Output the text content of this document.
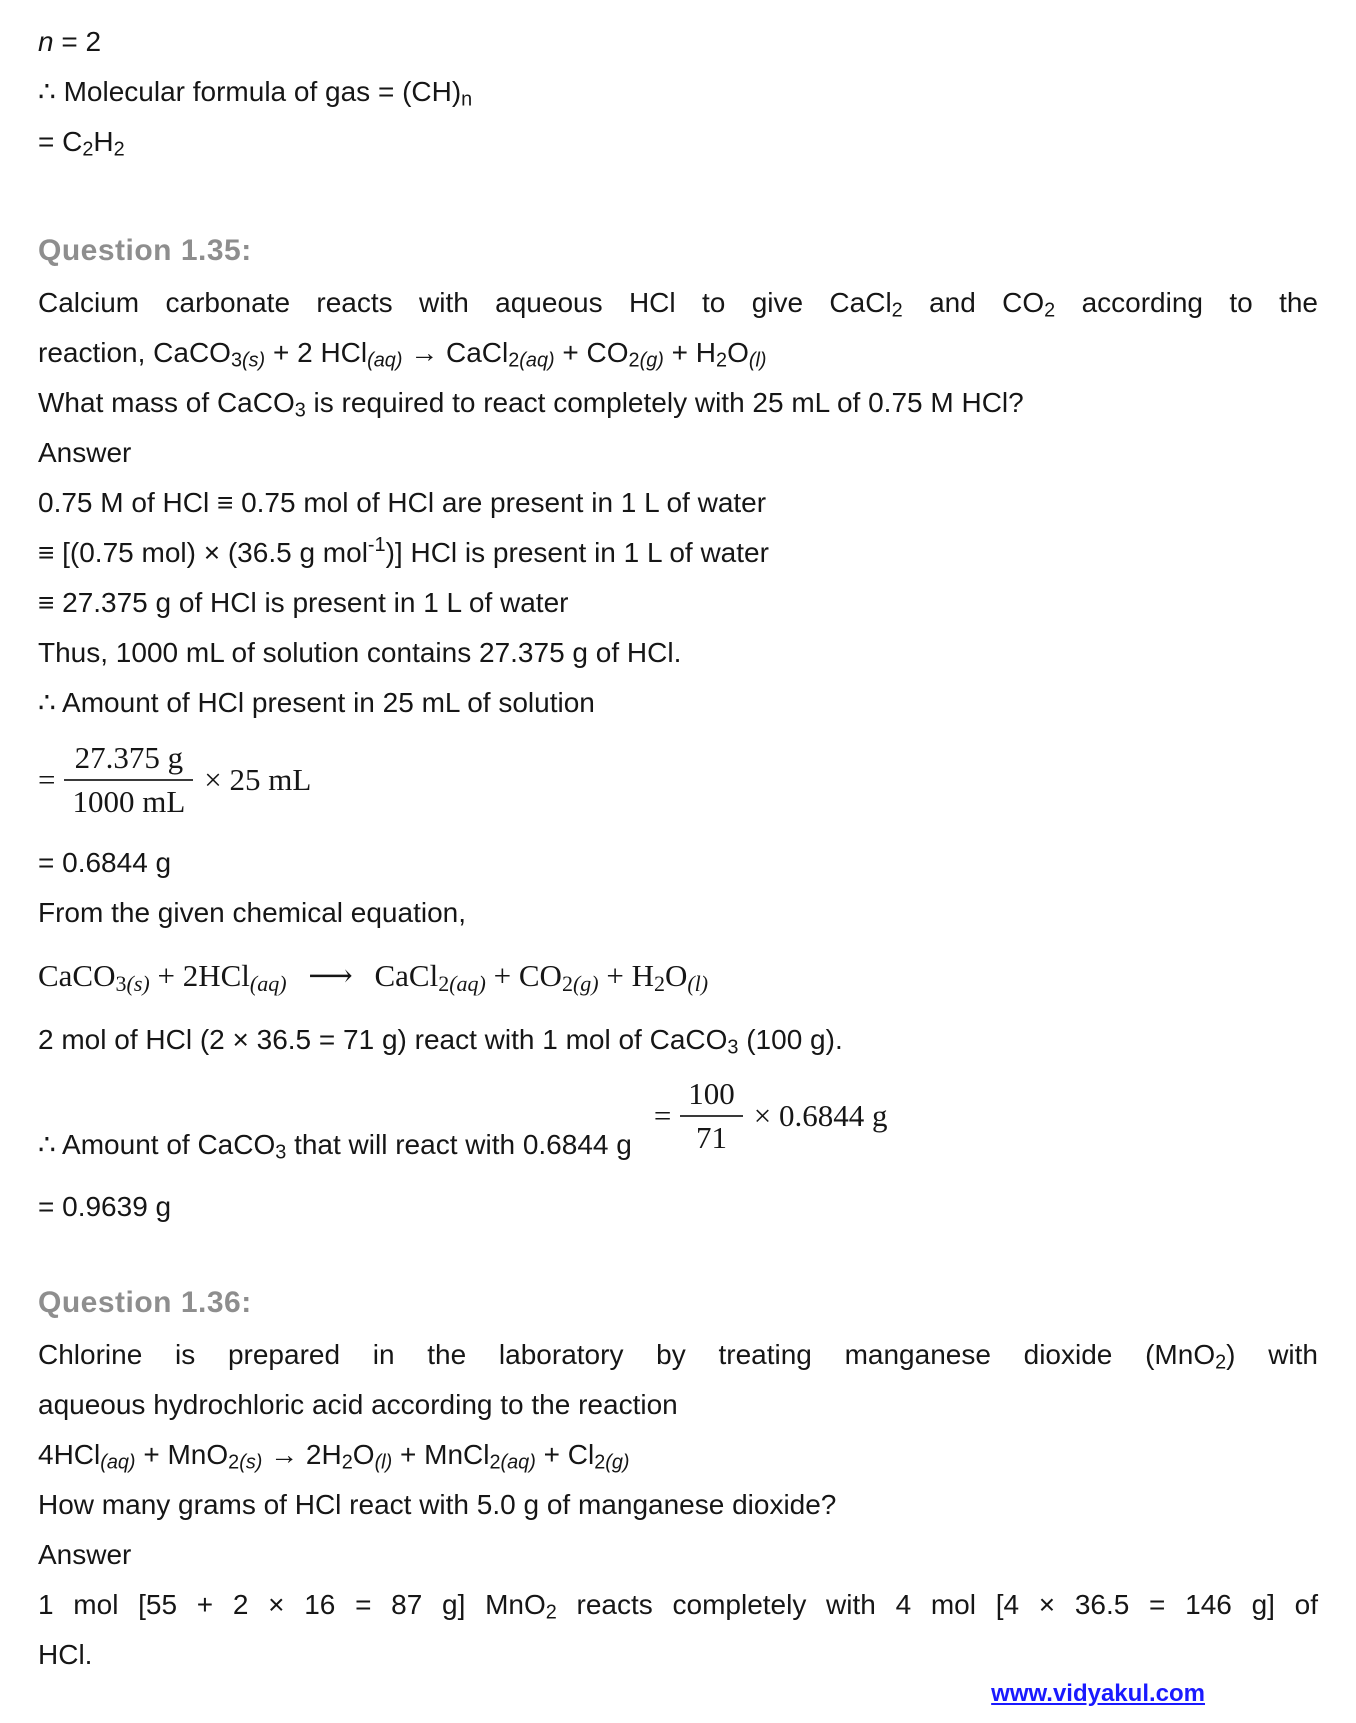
n = 2
∴ Molecular formula of gas = $(CH)_n$
= $C_2H_2$
Question 1.35:
Calcium carbonate reacts with aqueous HCl to give CaCl$_2$ and $CO_2$ according to the
reaction, CaCO$_{3(s)}$ + 2 HCl$_{(aq)}$ → CaCl$_{2(aq)}$ + $CO_{2(g)} + H_2O_{(l)}$
What mass of CaCO$_3$ is required to react completely with 25 mL of 0.75 M HCl?
Answer
0.75 M of HCl ≡ 0.75 mol of HCl are present in 1 L of water
≡ [(0.75 mol) × (36.5 g mol$^{-1}$)] HCl is present in 1 L of water
≡ 27.375 g of HCl is present in 1 L of water
Thus, 1000 mL of solution contains 27.375 g of HCl.
∴ Amount of HCl present in 25 mL of solution
= $\frac{27.375 g}{1000 mL} \times 25$ mL
= 0.6844 g
From the given chemical equation,
CaCO$_{3(s)}$ + 2HCl$_{(aq)}$ ⟶ CaCl$_{2(aq)}$ + $CO_{2(g)} + H_2O_{(l)}$
2 mol of HCl (2 × 36.5 = 71 g) react with 1 mol of CaCO$_3$ (100 g).
∴ Amount of CaCO$_3$ that will react with 0.6844 g
= $\frac{100}{71} \times 0.6844$ g
= 0.9639 g
Question 1.36:
Chlorine is prepared in the laboratory by treating manganese dioxide (MnO$_2$) with
aqueous hydrochloric acid according to the reaction
$4HCl_{(aq)} + MnO_{2(s)} \to 2H_2O_{(l)}$ + MnCl$_{2(aq)}$ + $Cl_{2(g)}$
How many grams of HCl react with 5.0 g of manganese dioxide?
Answer
1 mol [55 + 2 × 16 = 87 g] MnO$_2$ reacts completely with 4 mol [4 × 36.5 = 146 g] of
HCl.
www.vidyakul.com
